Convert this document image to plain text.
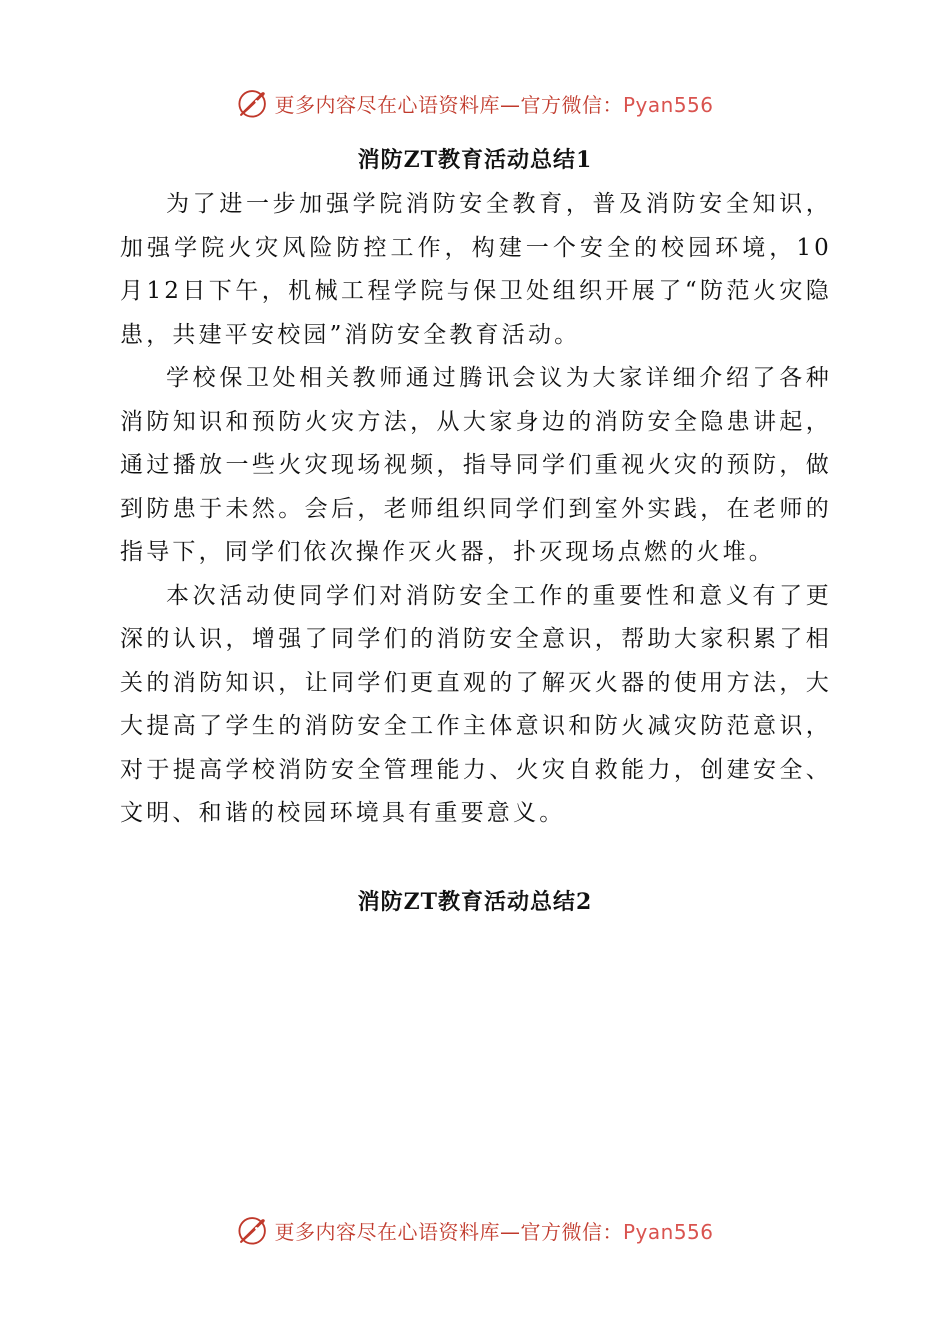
更多内容尽在心语资料库—官方微信：Pyan556
消防ZT教育活动总结1

为了进一步加强学院消防安全教育，普及消防安全知识，加强学院火灾风险防控工作，构建一个安全的校园环境，10月12日下午，机械工程学院与保卫处组织开展了“防范火灾隐患，共建平安校园”消防安全教育活动。

学校保卫处相关教师通过腾讯会议为大家详细介绍了各种消防知识和预防火灾方法，从大家身边的消防安全隐患讲起，通过播放一些火灾现场视频，指导同学们重视火灾的预防，做到防患于未然。会后，老师组织同学们到室外实践，在老师的指导下，同学们依次操作灭火器，扑灭现场点燃的火堆。

本次活动使同学们对消防安全工作的重要性和意义有了更深的认识，增强了同学们的消防安全意识，帮助大家积累了相关的消防知识，让同学们更直观的了解灭火器的使用方法，大大提高了学生的消防安全工作主体意识和防火减灾防范意识，对于提高学校消防安全管理能力、火灾自救能力，创建安全、文明、和谐的校园环境具有重要意义。

消防ZT教育活动总结2
更多内容尽在心语资料库—官方微信：Pyan556
